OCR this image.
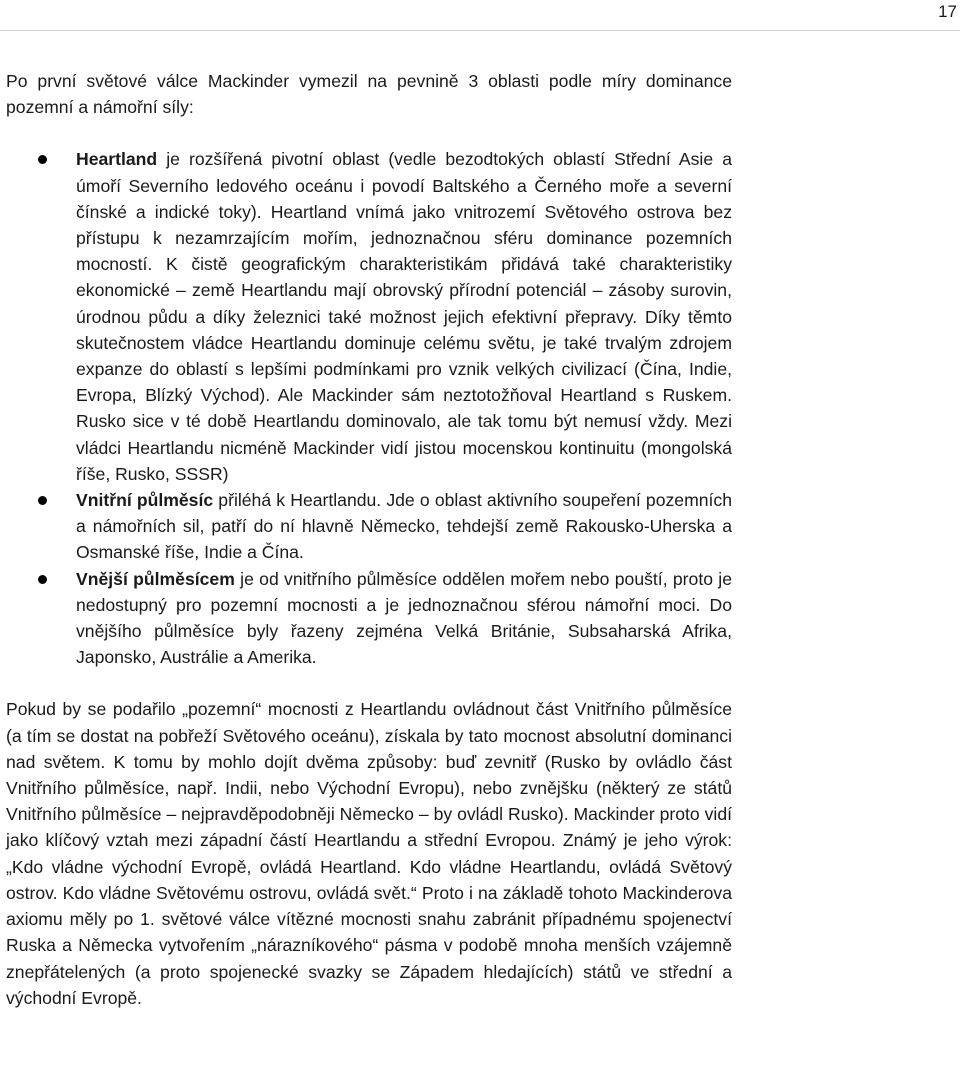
17

Po první světové válce Mackinder vymezil na pevnině 3 oblasti podle míry dominance pozemní a námořní síly:

Heartland je rozšířená pivotní oblast (vedle bezodtokých oblastí Střední Asie a úmoří Severního ledového oceánu i povodí Baltského a Černého moře a severní čínské a indické toky). Heartland vnímá jako vnitrozemí Světového ostrova bez přístupu k nezamrzajícím mořím, jednoznačnou sféru dominance pozemních mocností. K čistě geografickým charakteristikám přidává také charakteristiky ekonomické – země Heartlandu mají obrovský přírodní potenciál – zásoby surovin, úrodnou půdu a díky železnici také možnost jejich efektivní přepravy. Díky těmto skutečnostem vládce Heartlandu dominuje celému světu, je také trvalým zdrojem expanze do oblastí s lepšími podmínkami pro vznik velkých civilizací (Čína, Indie, Evropa, Blízký Východ). Ale Mackinder sám neztotožňoval Heartland s Ruskem. Rusko sice v té době Heartlandu dominovalo, ale tak tomu být nemusí vždy. Mezi vládci Heartlandu nicméně Mackinder vidí jistou mocenskou kontinuitu (mongolská říše, Rusko, SSSR)
Vnitřní půlměsíc přiléhá k Heartlandu. Jde o oblast aktivního soupeření pozemních a námořních sil, patří do ní hlavně Německo, tehdejší země Rakousko-Uherska a Osmanské říše, Indie a Čína.
Vnější půlměsícem je od vnitřního půlměsíce oddělen mořem nebo pouští, proto je nedostupný pro pozemní mocnosti a je jednoznačnou sférou námořní moci. Do vnějšího půlměsíce byly řazeny zejména Velká Británie, Subsaharská Afrika, Japonsko, Austrálie a Amerika.

Pokud by se podařilo „pozemní“ mocnosti z Heartlandu ovládnout část Vnitřního půlměsíce (a tím se dostat na pobřeží Světového oceánu), získala by tato mocnost absolutní dominanci nad světem. K tomu by mohlo dojít dvěma způsoby: buď zevnitř (Rusko by ovládlo část Vnitřního půlměsíce, např. Indii, nebo Východní Evropu), nebo zvnějšku (některý ze států Vnitřního půlměsíce – nejpravděpodobněji Německo – by ovládl Rusko). Mackinder proto vidí jako klíčový vztah mezi západní částí Heartlandu a střední Evropou. Známý je jeho výrok: „Kdo vládne východní Evropě, ovládá Heartland. Kdo vládne Heartlandu, ovládá Světový ostrov. Kdo vládne Světovému ostrovu, ovládá svět.“ Proto i na základě tohoto Mackinderova axiomu měly po 1. světové válce vítězné mocnosti snahu zabránit případnému spojenectví Ruska a Německa vytvořením „nárazníkového“ pásma v podobě mnoha menších vzájemně znepřátelených (a proto spojenecké svazky se Západem hledajících) států ve střední a východní Evropě.
